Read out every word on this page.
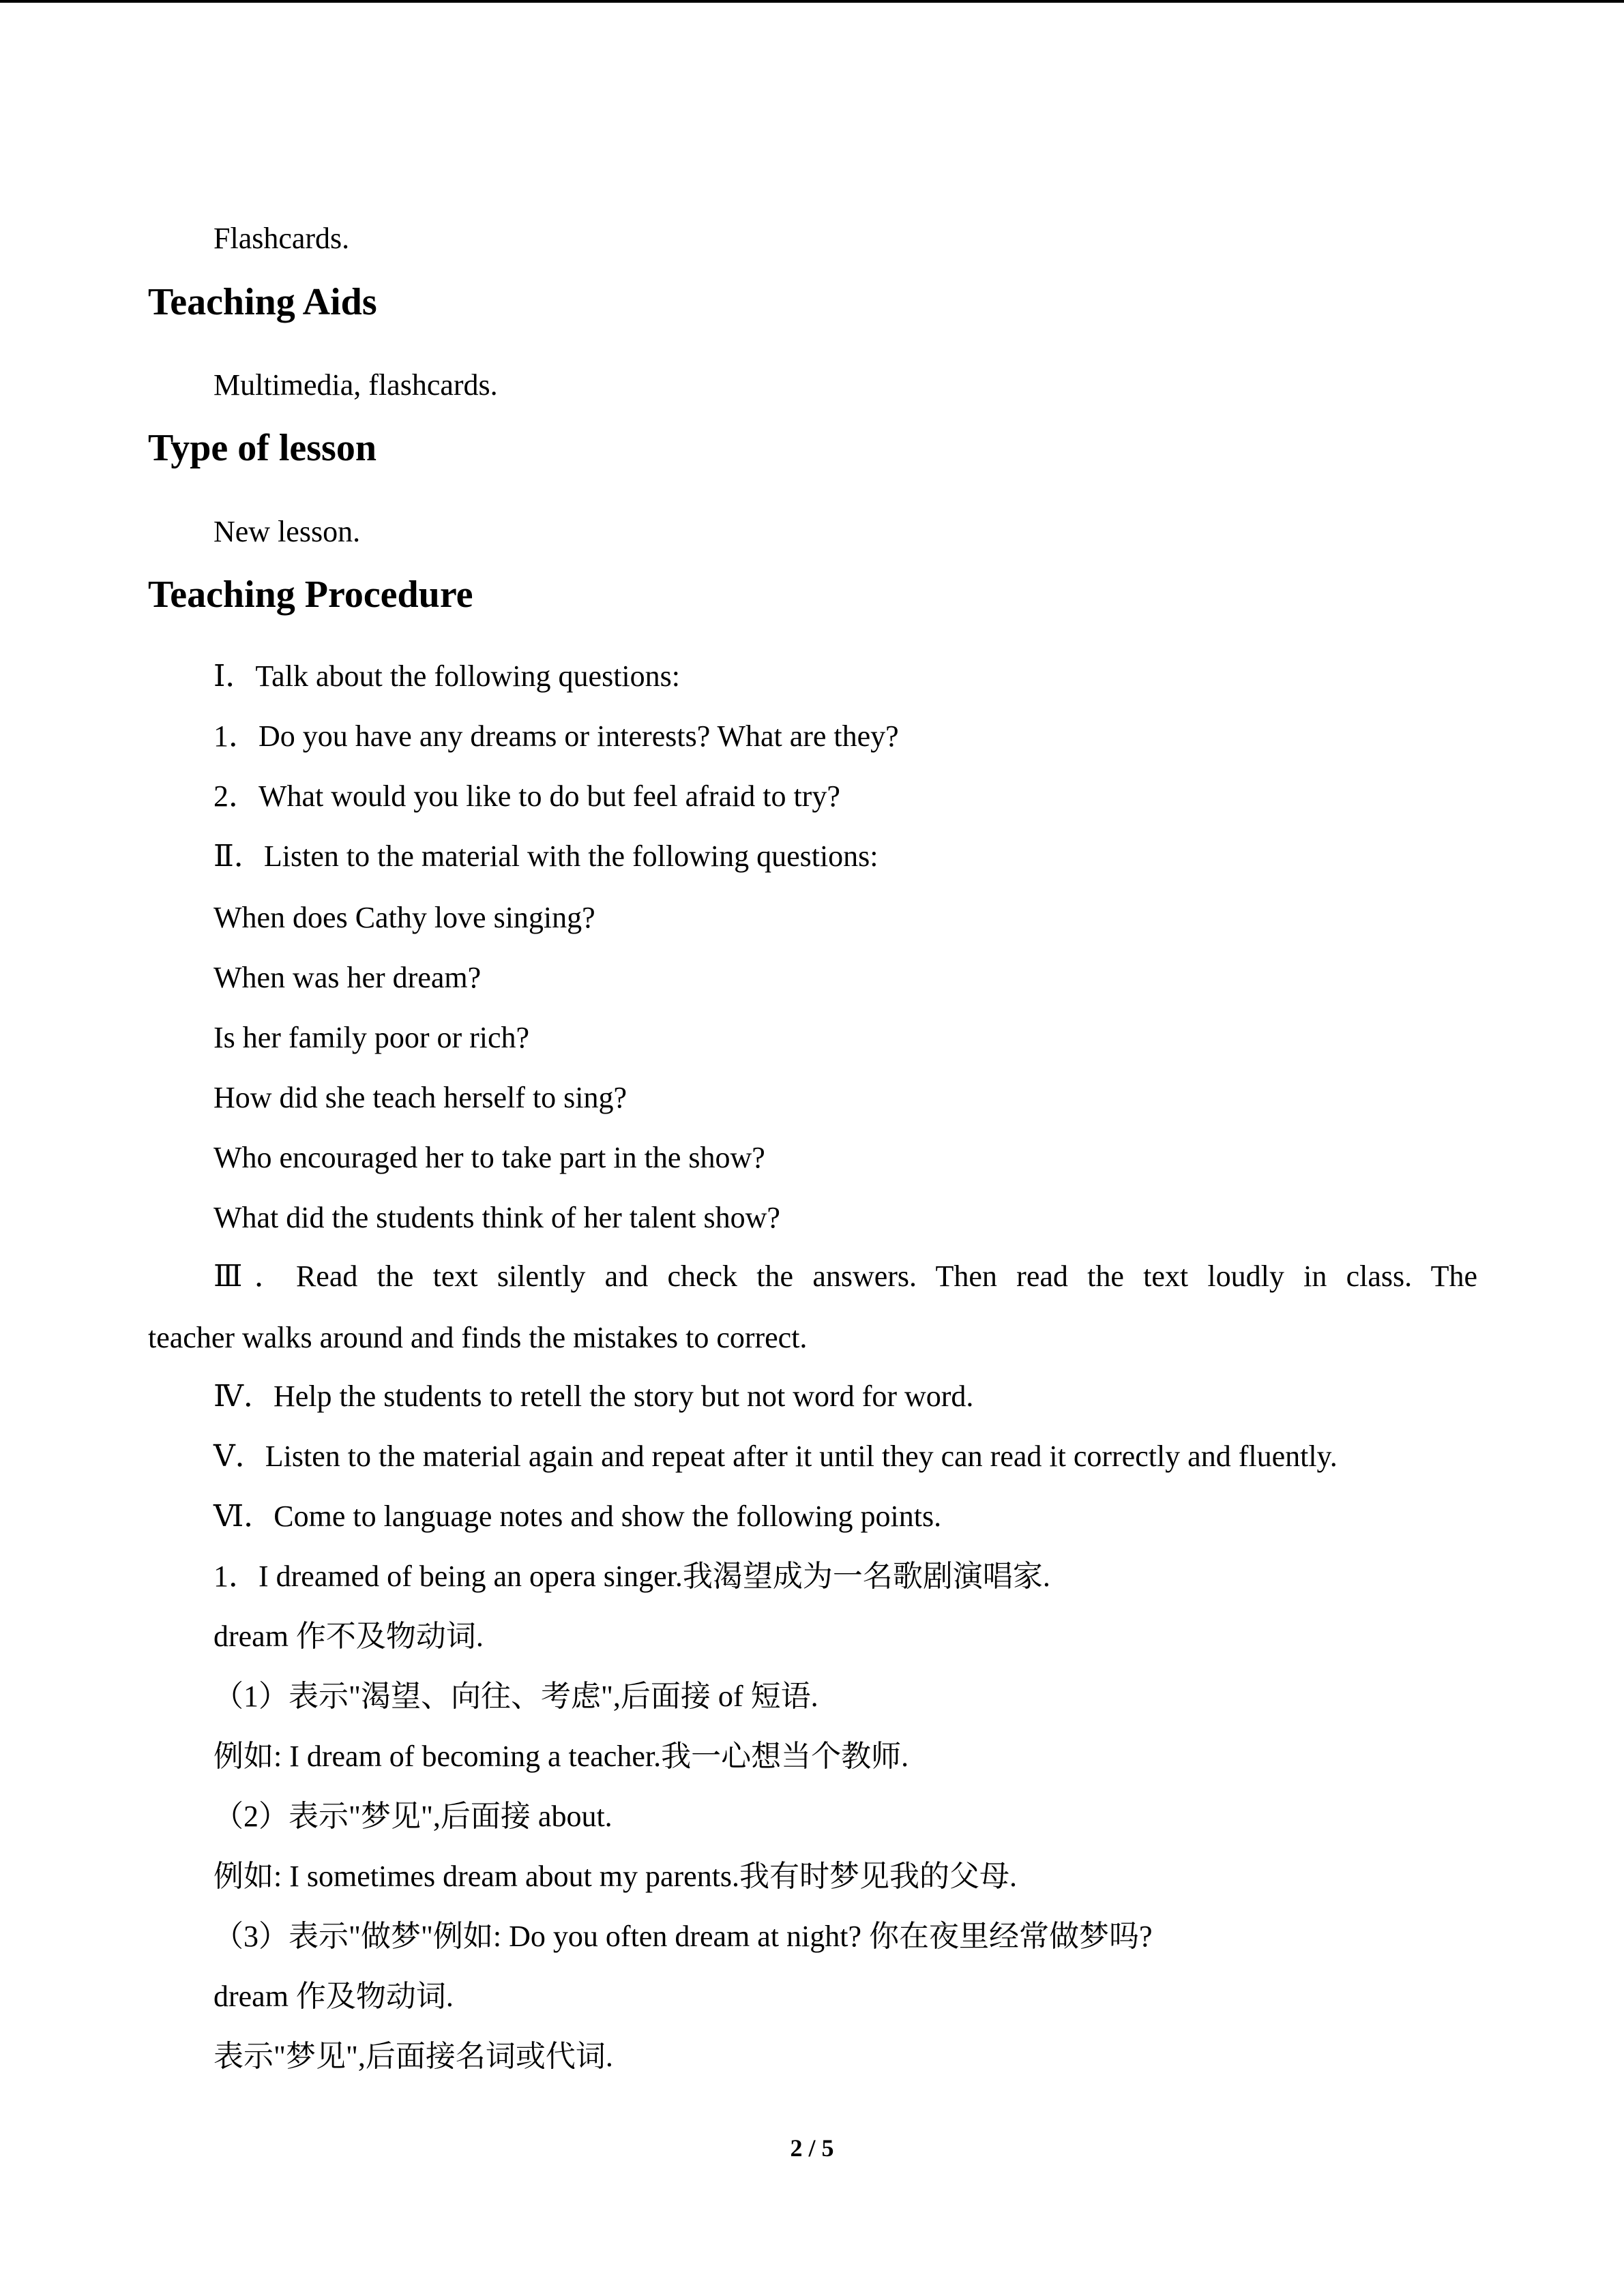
Flashcards.
Teaching Aids
Multimedia, flashcards.
Type of lesson
New lesson.
Teaching Procedure
Ⅰ．Talk about the following questions:
1．Do you have any dreams or interests? What are they?
2．What would you like to do but feel afraid to try?
Ⅱ．Listen to the material with the following questions:
When does Cathy love singing?
When was her dream?
Is her family poor or rich?
How did she teach herself to sing?
Who encouraged her to take part in the show?
What did the students think of her talent show?
Ⅲ．Read the text silently and check the answers. Then read the text loudly in class. The
teacher walks around and finds the mistakes to correct.
Ⅳ．Help the students to retell the story but not word for word.
Ⅴ．Listen to the material again and repeat after it until they can read it correctly and fluently.
Ⅵ．Come to language notes and show the following points.
1．I dreamed of being an opera singer.我渴望成为一名歌剧演唱家.
dream 作不及物动词.
（1）表示"渴望、向往、考虑",后面接 of 短语.
例如: I dream of becoming a teacher.我一心想当个教师.
（2）表示"梦见",后面接 about.
例如: I sometimes dream about my parents.我有时梦见我的父母.
（3）表示"做梦"例如: Do you often dream at night? 你在夜里经常做梦吗?
dream 作及物动词.
表示"梦见",后面接名词或代词.
2 / 5
